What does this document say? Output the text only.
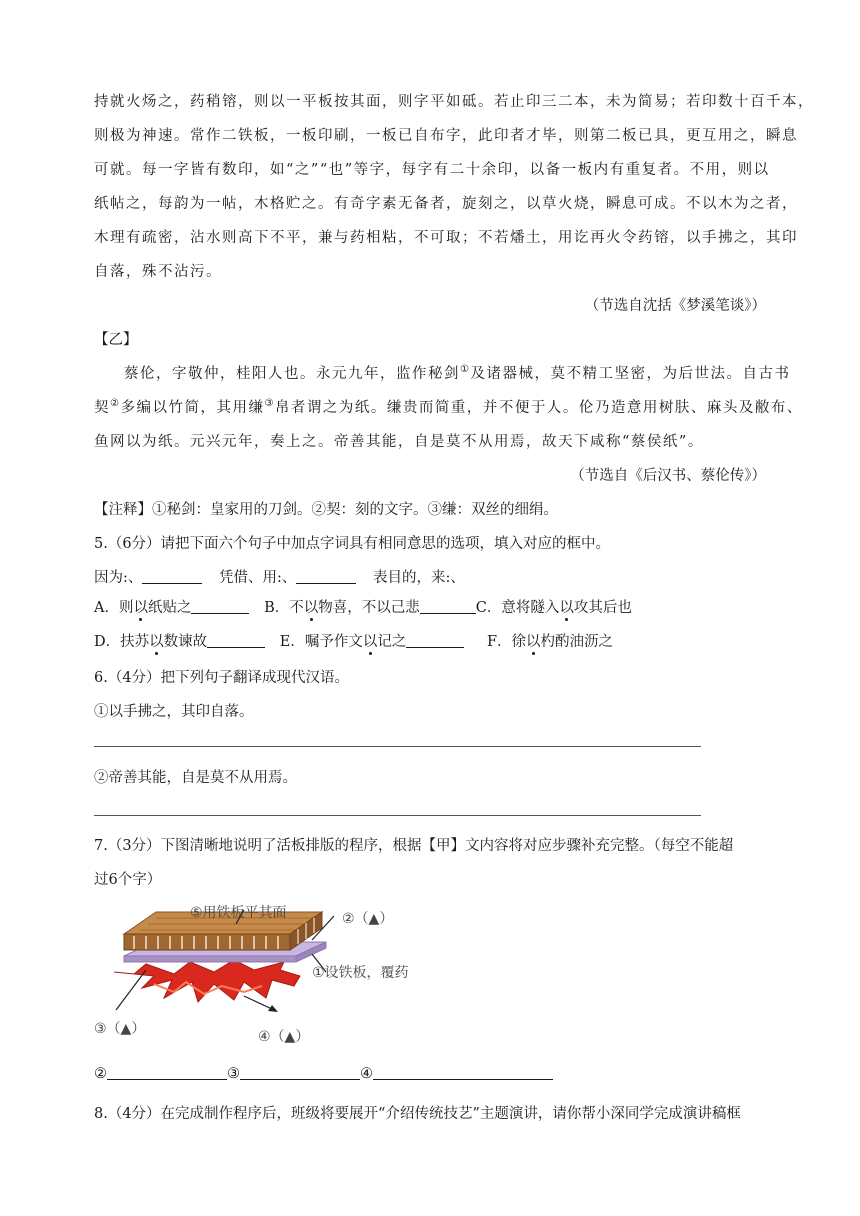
持就火炀之，药稍镕，则以一平板按其面，则字平如砥。若止印三二本，未为简易；若印数十百千本，
则极为神速。常作二铁板，一板印刷，一板已自布字，此印者才毕，则第二板已具，更互用之，瞬息
可就。每一字皆有数印，如“之”“也”等字，每字有二十余印，以备一板内有重复者。不用，则以
纸帖之，每韵为一帖，木格贮之。有奇字素无备者，旋刻之，以草火烧，瞬息可成。不以木为之者，
木理有疏密，沾水则高下不平，兼与药相粘，不可取；不若燔土，用讫再火令药镕，以手拂之，其印
自落，殊不沾污。
（节选自沈括《梦溪笔谈》）
【乙】
蔡伦，字敬仲，桂阳人也。永元九年，监作秘剑①及诸器械，莫不精工坚密，为后世法。自古书
契②多编以竹简，其用缣③帛者谓之为纸。缣贵而简重，并不便于人。伦乃造意用树肤、麻头及敝布、
鱼网以为纸。元兴元年，奏上之。帝善其能，自是莫不从用焉，故天下咸称“蔡侯纸”。
（节选自《后汉书、蔡伦传》）
【注释】①秘剑：皇家用的刀剑。②契：刻的文字。③缣：双丝的细绢。
5.（6分）请把下面六个句子中加点字词具有相同意思的选项，填入对应的框中。
因为:、	凭借、用:、	表目的，来:、
A．则以纸贴之	B．不以物喜，不以己悲	C．意将隧入以攻其后也
D．扶苏以数谏故	E．嘱予作文以记之	F．徐以杓酌油沥之
6.（4分）把下列句子翻译成现代汉语。
①以手拂之，其印自落。
②帝善其能，自是莫不从用焉。
7.（3分）下图清晰地说明了活板排版的程序，根据【甲】文内容将对应步骤补充完整。（每空不能超
过6个字）
⑤用铁板平其面	②（▲）
①设铁板，覆药
③（▲）	④（▲）
②	③	④
8.（4分）在完成制作程序后，班级将要展开“介绍传统技艺”主题演讲，请你帮小深同学完成演讲稿框
